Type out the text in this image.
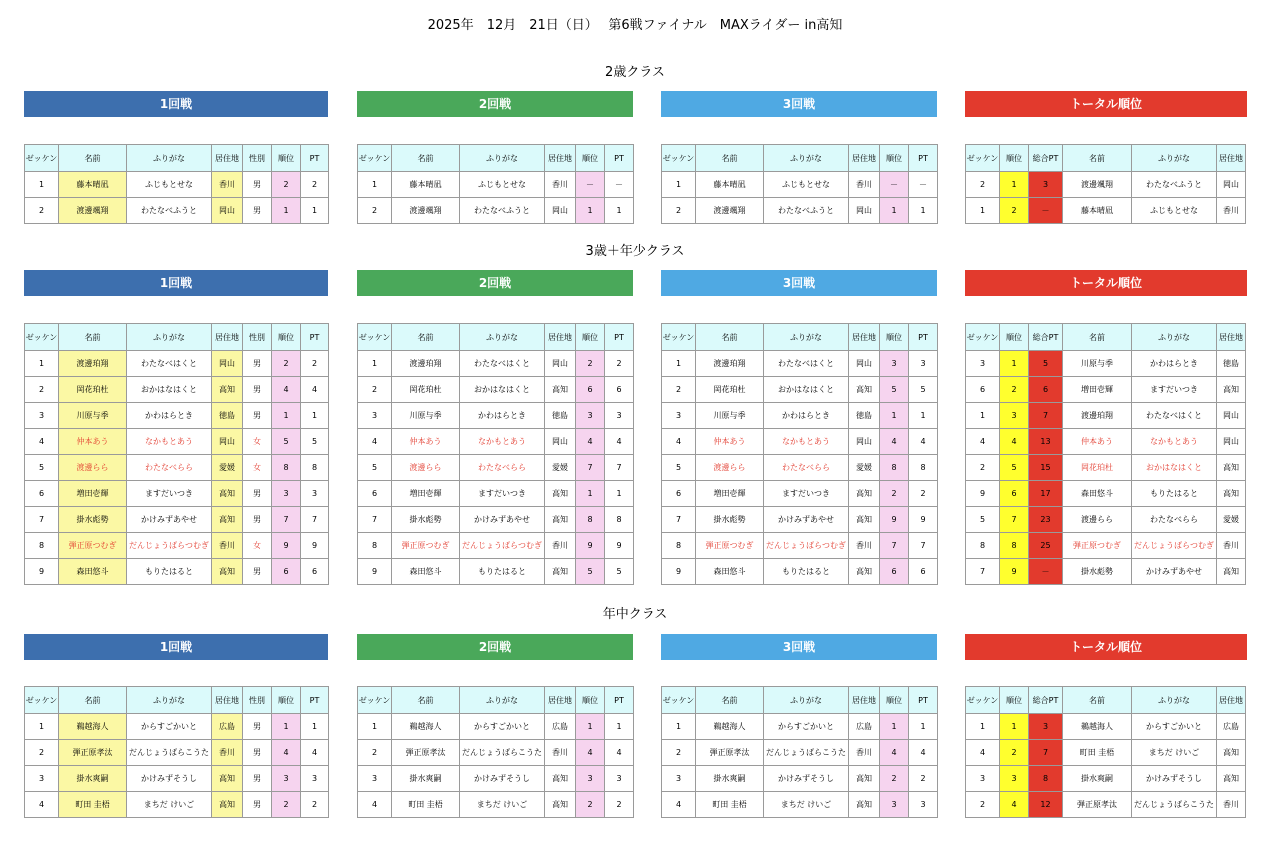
2025年　12月　21日（日）　 第6戦ファイナル　MAXライダー in高知
2歳クラス
1回戦	2回戦	3回戦	トータル順位
ゼッケン	名前	ふりがな	居住地	性別	順位	PT
1	藤本晴凪	ふじもとせな	香川	男	2	2
2	渡邊颯翔	わたなべふうと	岡山	男	1	1
ゼッケン	名前	ふりがな	居住地	順位	PT
1	藤本晴凪	ふじもとせな	香川	－	－
2	渡邊颯翔	わたなべふうと	岡山	1	1
ゼッケン	名前	ふりがな	居住地	順位	PT
1	藤本晴凪	ふじもとせな	香川	－	－
2	渡邊颯翔	わたなべふうと	岡山	1	1
ゼッケン	順位	総合PT	名前	ふりがな	居住地
2	1	3	渡邊颯翔	わたなべふうと	岡山
1	2	－	藤本晴凪	ふじもとせな	香川
3歳＋年少クラス
1回戦	2回戦	3回戦	トータル順位
ゼッケン	名前	ふりがな	居住地	性別	順位	PT
1	渡邊珀翔	わたなべはくと	岡山	男	2	2
2	岡花珀杜	おかはなはくと	高知	男	4	4
3	川原与季	かわはらとき	徳島	男	1	1
4	仲本あう	なかもとあう	岡山	女	5	5
5	渡邊らら	わたなべらら	愛媛	女	8	8
6	増田壱輝	ますだいつき	高知	男	3	3
7	掛水彪勢	かけみずあやせ	高知	男	7	7
8	弾正原つむぎ	だんじょうばらつむぎ	香川	女	9	9
9	森田悠斗	もりたはると	高知	男	6	6
ゼッケン	名前	ふりがな	居住地	順位	PT
1	渡邊珀翔	わたなべはくと	岡山	2	2
2	岡花珀杜	おかはなはくと	高知	6	6
3	川原与季	かわはらとき	徳島	3	3
4	仲本あう	なかもとあう	岡山	4	4
5	渡邊らら	わたなべらら	愛媛	7	7
6	増田壱輝	ますだいつき	高知	1	1
7	掛水彪勢	かけみずあやせ	高知	8	8
8	弾正原つむぎ	だんじょうばらつむぎ	香川	9	9
9	森田悠斗	もりたはると	高知	5	5
ゼッケン	名前	ふりがな	居住地	順位	PT
1	渡邊珀翔	わたなべはくと	岡山	3	3
2	岡花珀杜	おかはなはくと	高知	5	5
3	川原与季	かわはらとき	徳島	1	1
4	仲本あう	なかもとあう	岡山	4	4
5	渡邊らら	わたなべらら	愛媛	8	8
6	増田壱輝	ますだいつき	高知	2	2
7	掛水彪勢	かけみずあやせ	高知	9	9
8	弾正原つむぎ	だんじょうばらつむぎ	香川	7	7
9	森田悠斗	もりたはると	高知	6	6
ゼッケン	順位	総合PT	名前	ふりがな	居住地
3	1	5	川原与季	かわはらとき	徳島
6	2	6	増田壱輝	ますだいつき	高知
1	3	7	渡邊珀翔	わたなべはくと	岡山
4	4	13	仲本あう	なかもとあう	岡山
2	5	15	岡花珀杜	おかはなはくと	高知
9	6	17	森田悠斗	もりたはると	高知
5	7	23	渡邊らら	わたなべらら	愛媛
8	8	25	弾正原つむぎ	だんじょうばらつむぎ	香川
7	9	－	掛水彪勢	かけみずあやせ	高知
年中クラス
1回戦	2回戦	3回戦	トータル順位
ゼッケン	名前	ふりがな	居住地	性別	順位	PT
1	鵜越海人	からすごかいと	広島	男	1	1
2	弾正原孝汰	だんじょうばらこうた	香川	男	4	4
3	掛水爽嗣	かけみずそうし	高知	男	3	3
4	町田 圭梧	まちだ けいご	高知	男	2	2
ゼッケン	名前	ふりがな	居住地	順位	PT
1	鵜越海人	からすごかいと	広島	1	1
2	弾正原孝汰	だんじょうばらこうた	香川	4	4
3	掛水爽嗣	かけみずそうし	高知	3	3
4	町田 圭梧	まちだ けいご	高知	2	2
ゼッケン	名前	ふりがな	居住地	順位	PT
1	鵜越海人	からすごかいと	広島	1	1
2	弾正原孝汰	だんじょうばらこうた	香川	4	4
3	掛水爽嗣	かけみずそうし	高知	2	2
4	町田 圭梧	まちだ けいご	高知	3	3
ゼッケン	順位	総合PT	名前	ふりがな	居住地
1	1	3	鵜越海人	からすごかいと	広島
4	2	7	町田 圭梧	まちだ けいご	高知
3	3	8	掛水爽嗣	かけみずそうし	高知
2	4	12	弾正原孝汰	だんじょうばらこうた	香川
